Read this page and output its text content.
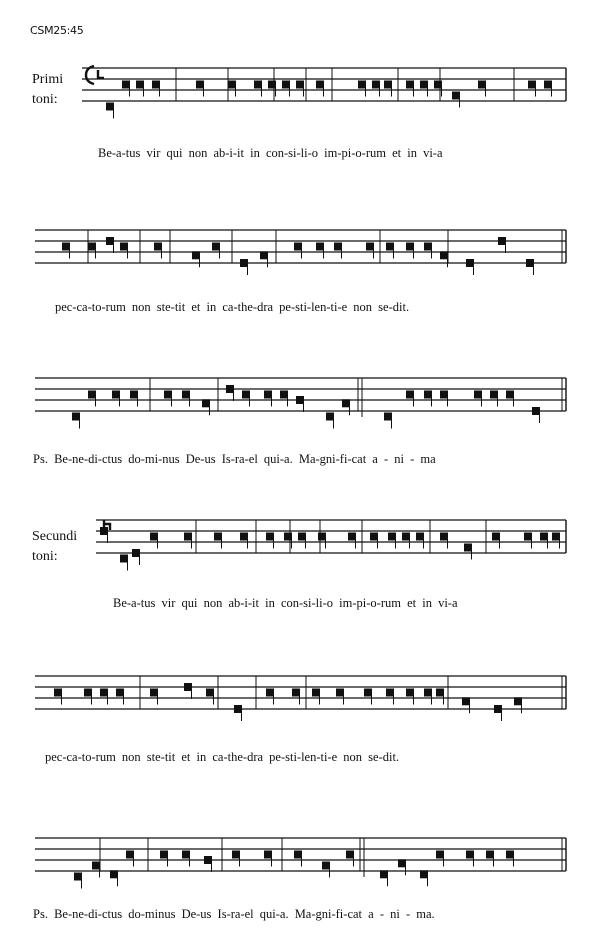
CSM25:45
Primi
toni:
Secundi
toni:
Be-a-tus vir qui non ab-i-it in con-si-li-o im-pi-o-rum et in vi-a
pec-ca-to-rum non ste-tit et in ca-the-dra pe-sti-len-ti-e non se-dit.
Ps. Be-ne-di-ctus do-mi-nus De-us Is-ra-el qui-a. Ma-gni-fi-cat a - ni - ma
Be-a-tus vir qui non ab-i-it in con-si-li-o im-pi-o-rum et in vi-a
pec-ca-to-rum non ste-tit et in ca-the-dra pe-sti-len-ti-e non se-dit.
Ps. Be-ne-di-ctus do-minus De-us Is-ra-el qui-a. Ma-gni-fi-cat a - ni - ma.
